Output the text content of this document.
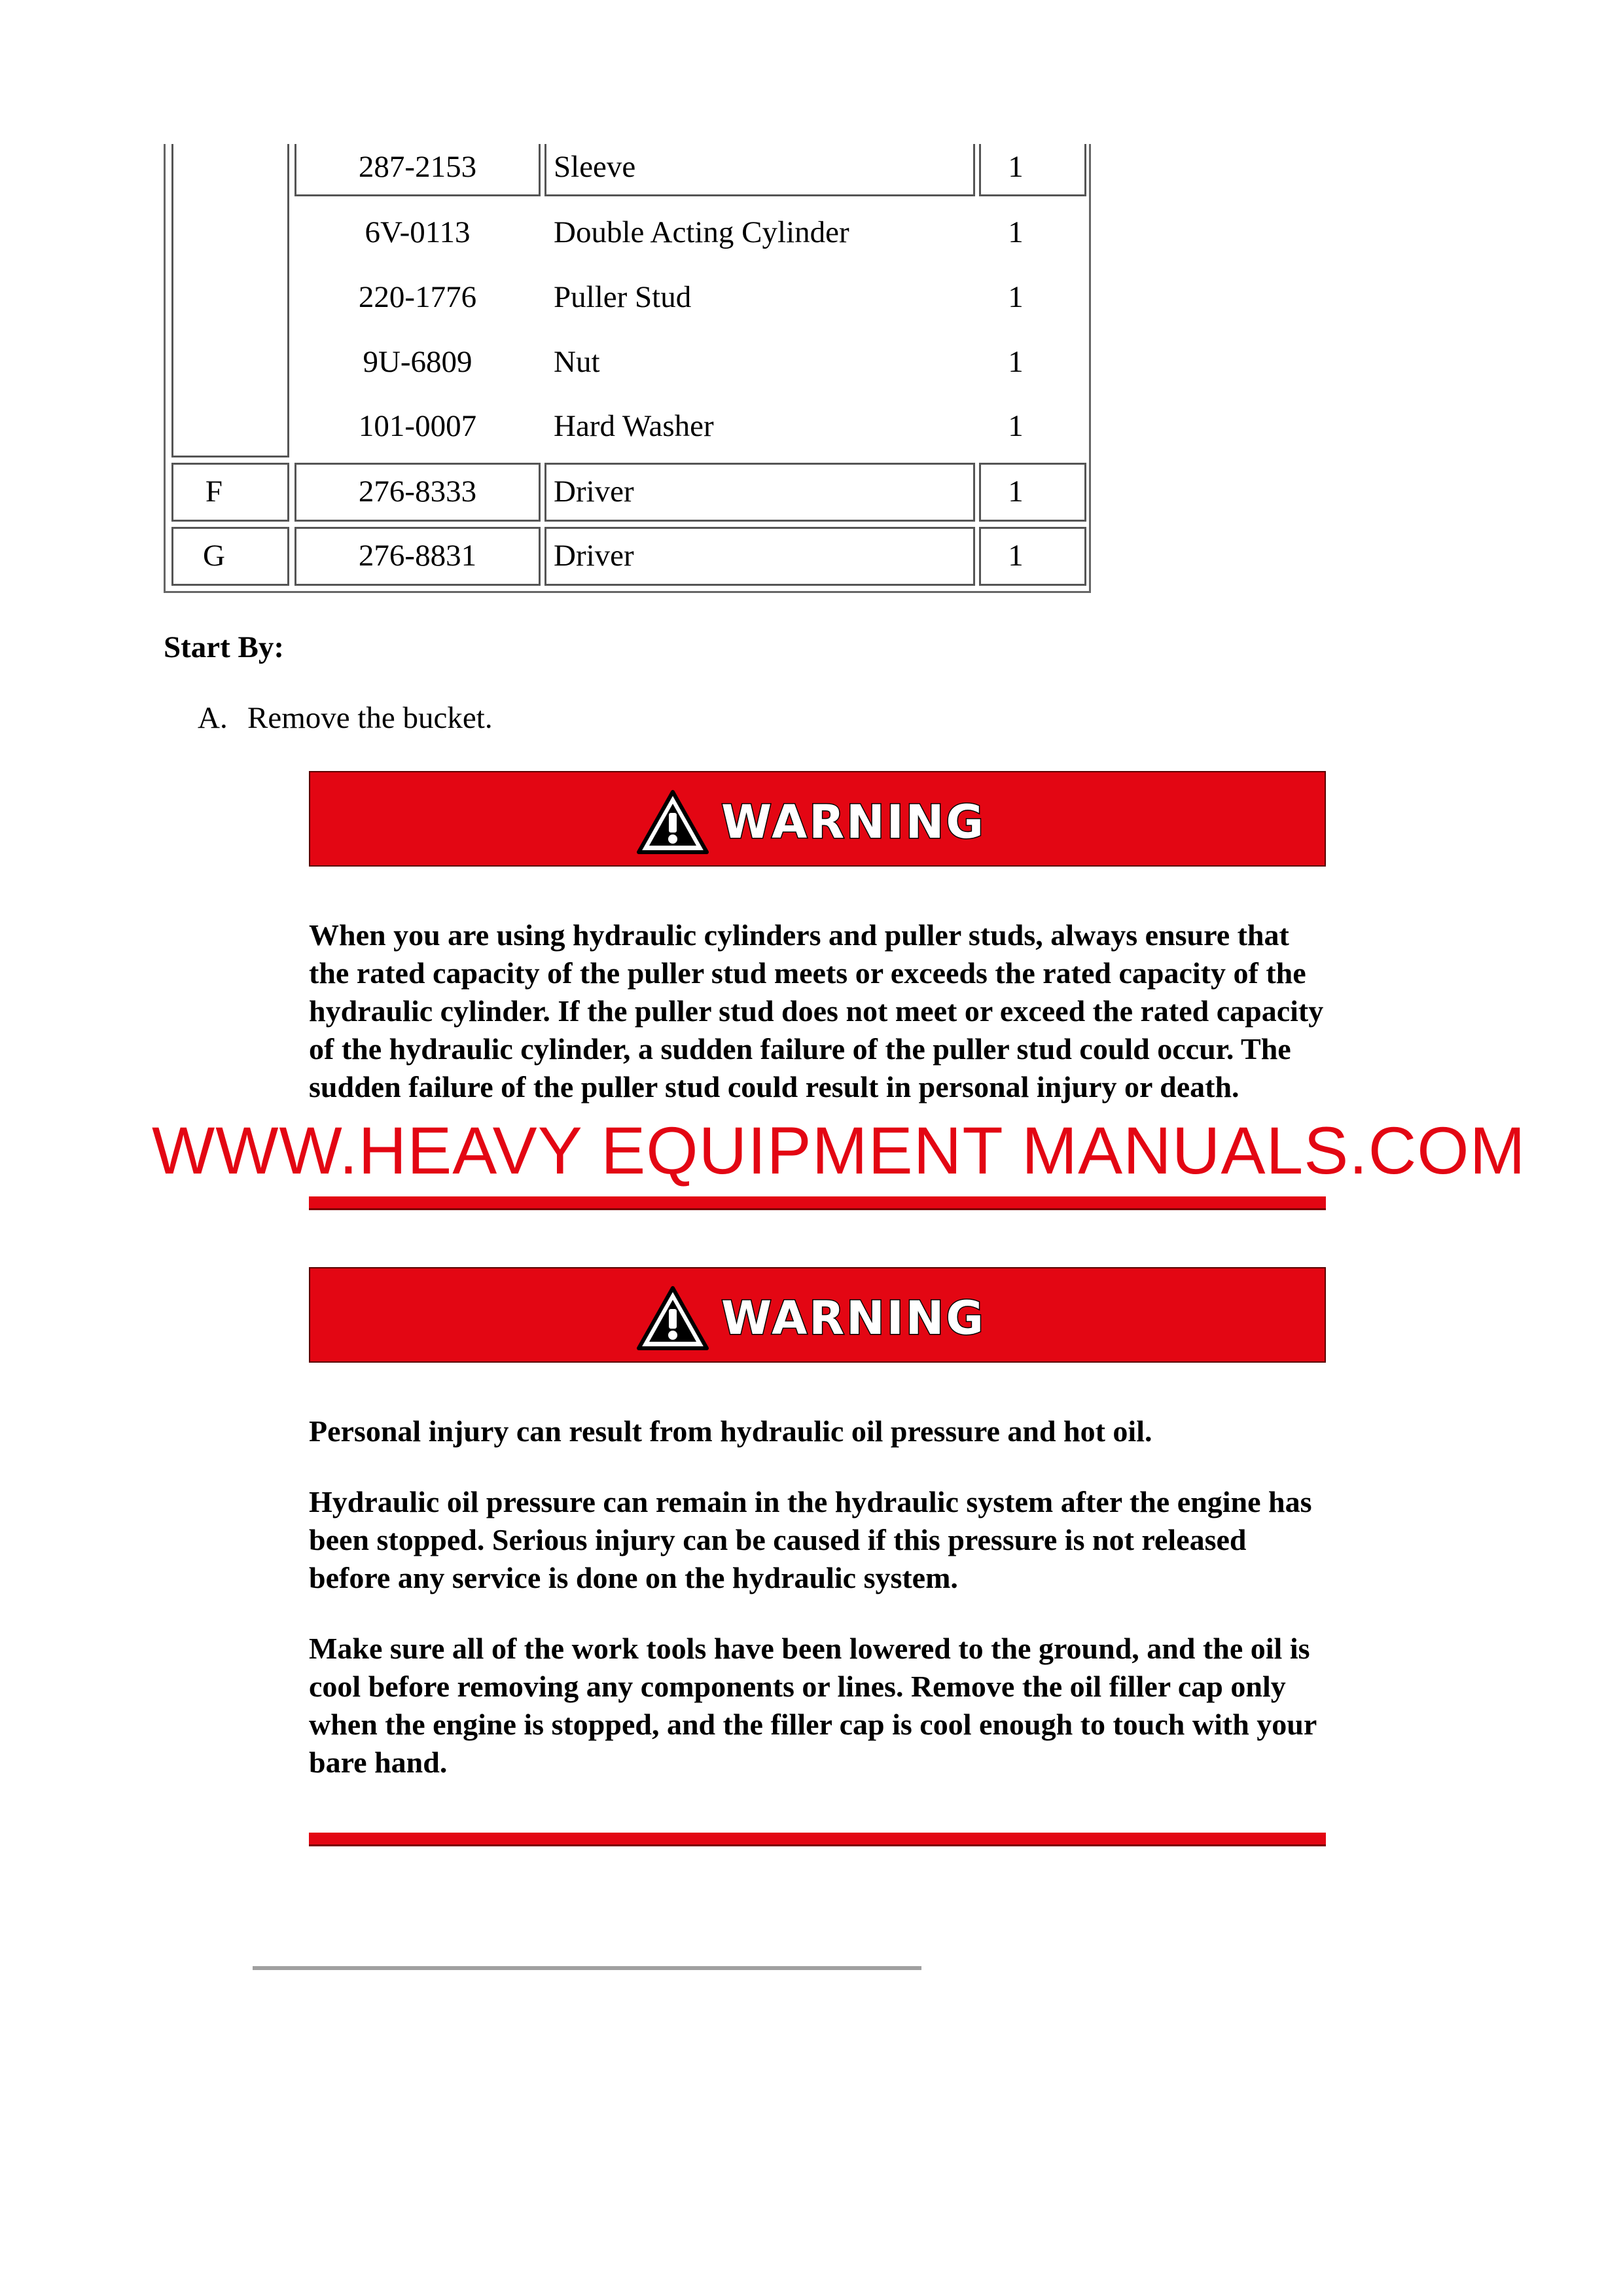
287-2153	Sleeve	1
6V-0113	Double Acting Cylinder	1
220-1776	Puller Stud	1
9U-6809	Nut	1
101-0007	Hard Washer	1
F	276-8333	Driver	1
G	276-8831	Driver	1
Start By:
A. Remove the bucket.
WARNING

When you are using hydraulic cylinders and puller studs, always ensure that the rated capacity of the puller stud meets or exceeds the rated capacity of the hydraulic cylinder. If the puller stud does not meet or exceed the rated capacity of the hydraulic cylinder, a sudden failure of the puller stud could occur. The sudden failure of the puller stud could result in personal injury or death.

WARNING

Personal injury can result from hydraulic oil pressure and hot oil.

Hydraulic oil pressure can remain in the hydraulic system after the engine has been stopped. Serious injury can be caused if this pressure is not released before any service is done on the hydraulic system.

Make sure all of the work tools have been lowered to the ground, and the oil is cool before removing any components or lines. Remove the oil filler cap only when the engine is stopped, and the filler cap is cool enough to touch with your bare hand.

WWW.HEAVY EQUIPMENT MANUALS.COM
